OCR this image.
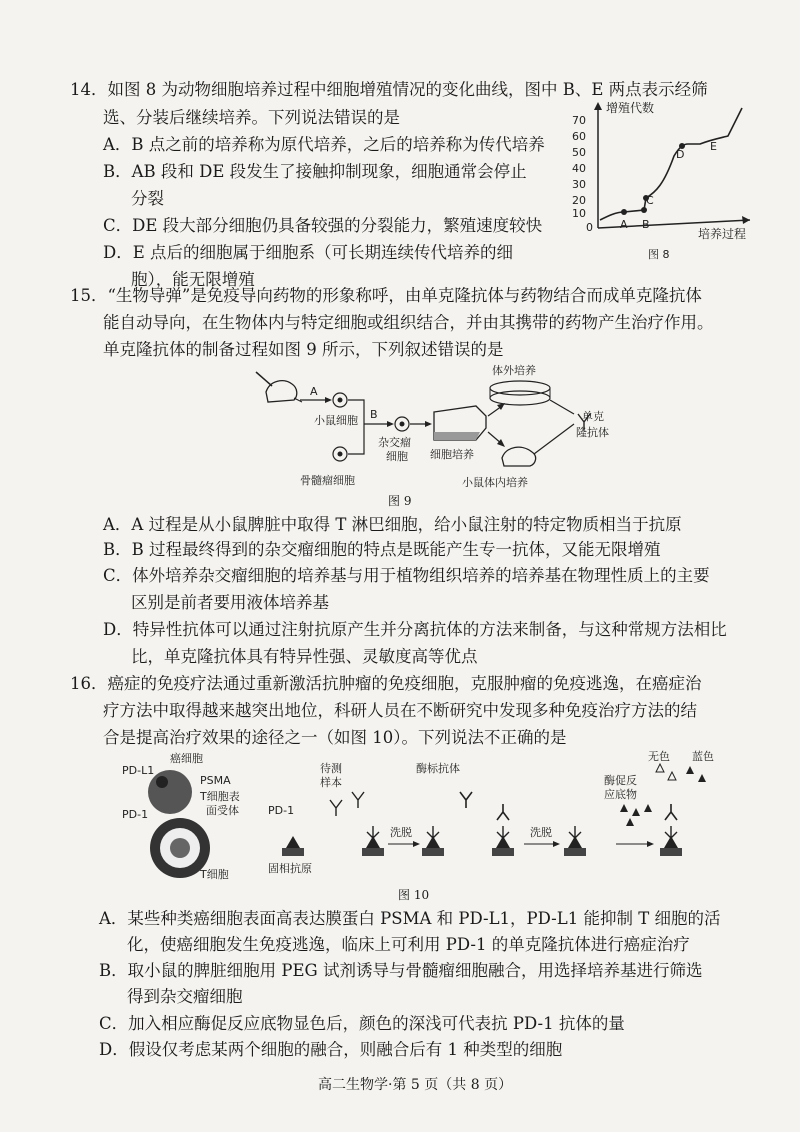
14．如图 8 为动物细胞培养过程中细胞增殖情况的变化曲线，图中 B、E 两点表示经筛
选、分装后继续培养。下列说法错误的是
A．B 点之前的培养称为原代培养，之后的培养称为传代培养
B．AB 段和 DE 段发生了接触抑制现象，细胞通常会停止
分裂
C．DE 段大部分细胞仍具备较强的分裂能力，繁殖速度较快
D．E 点后的细胞属于细胞系（可长期连续传代培养的细
胞），能无限增殖
增殖代数
70
60
50
40
30
20
10
0 A B
C
D
E
培养过程
图 8
15．“生物导弹”是免疫导向药物的形象称呼，由单克隆抗体与药物结合而成单克隆抗体
能自动导向，在生物体内与特定细胞或组织结合，并由其携带的药物产生治疗作用。
单克隆抗体的制备过程如图 9 所示，下列叙述错误的是
A
小鼠细胞
骨髓瘤细胞
B
杂交瘤
细胞 细胞培养
体外培养
小鼠体内培养
单克
隆抗体
图 9
A．A 过程是从小鼠脾脏中取得 T 淋巴细胞，给小鼠注射的特定物质相当于抗原
B．B 过程最终得到的杂交瘤细胞的特点是既能产生专一抗体，又能无限增殖
C．体外培养杂交瘤细胞的培养基与用于植物组织培养的培养基在物理性质上的主要
区别是前者要用液体培养基
D．特异性抗体可以通过注射抗原产生并分离抗体的方法来制备，与这种常规方法相比
比，单克隆抗体具有特异性强、灵敏度高等优点
16．癌症的免疫疗法通过重新激活抗肿瘤的免疫细胞，克服肿瘤的免疫逃逸，在癌症治
疗方法中取得越来越突出地位，科研人员在不断研究中发现多种免疫治疗方法的结
合是提高治疗效果的途径之一（如图 10）。下列说法不正确的是
癌细胞
PD-L1
PSMA
T细胞表
面受体
PD-1
T细胞
待测
样本
PD-1
固相抗原
洗脱
酶标抗体
洗脱
酶促反
应底物
无色 蓝色
图 10
A．某些种类癌细胞表面高表达膜蛋白 PSMA 和 PD-L1，PD-L1 能抑制 T 细胞的活
化，使癌细胞发生免疫逃逸，临床上可利用 PD-1 的单克隆抗体进行癌症治疗
B．取小鼠的脾脏细胞用 PEG 试剂诱导与骨髓瘤细胞融合，用选择培养基进行筛选
得到杂交瘤细胞
C．加入相应酶促反应底物显色后，颜色的深浅可代表抗 PD-1 抗体的量
D．假设仅考虑某两个细胞的融合，则融合后有 1 种类型的细胞
高二生物学·第 5 页（共 8 页）
